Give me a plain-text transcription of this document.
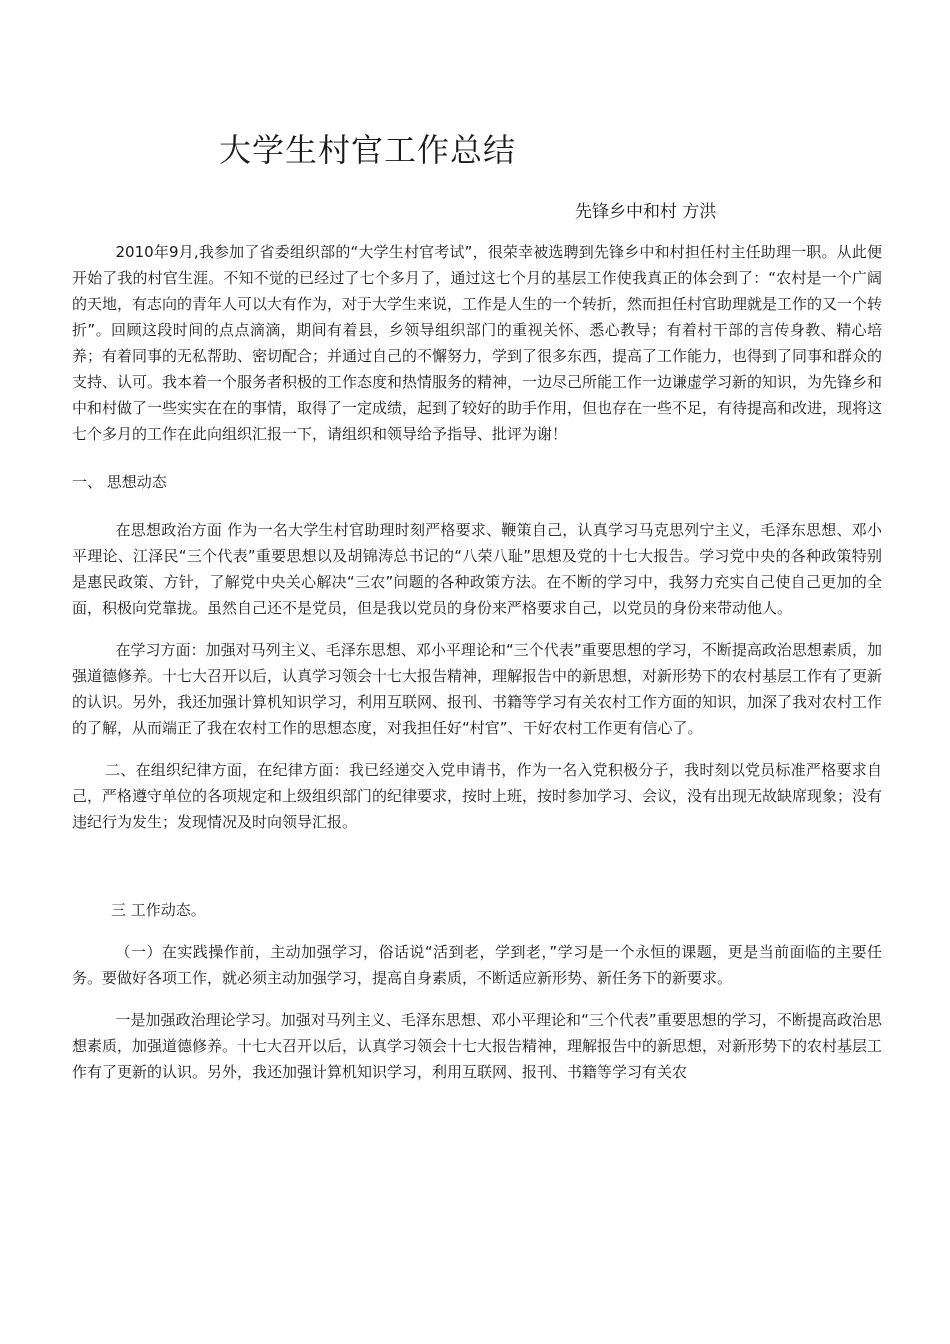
大学生村官工作总结

先锋乡中和村 方洪

2010年9月,我参加了省委组织部的“大学生村官考试”，很荣幸被选聘到先锋乡中和村担任村主任助理一职。从此便开始了我的村官生涯。不知不觉的已经过了七个多月了，通过这七个月的基层工作使我真正的体会到了：“农村是一个广阔的天地，有志向的青年人可以大有作为，对于大学生来说，工作是人生的一个转折，然而担任村官助理就是工作的又一个转折”。回顾这段时间的点点滴滴，期间有着县，乡领导组织部门的重视关怀、悉心教导；有着村干部的言传身教、精心培养；有着同事的无私帮助、密切配合；并通过自己的不懈努力，学到了很多东西，提高了工作能力，也得到了同事和群众的支持、认可。我本着一个服务者积极的工作态度和热情服务的精神，一边尽己所能工作一边谦虚学习新的知识，为先锋乡和中和村做了一些实实在在的事情，取得了一定成绩，起到了较好的助手作用，但也存在一些不足，有待提高和改进，现将这七个多月的工作在此向组织汇报一下，请组织和领导给予指导、批评为谢！

一、 思想动态

在思想政治方面 作为一名大学生村官助理时刻严格要求、鞭策自己，认真学习马克思列宁主义，毛泽东思想、邓小平理论、江泽民“三个代表”重要思想以及胡锦涛总书记的“八荣八耻”思想及党的十七大报告。学习党中央的各种政策特别是惠民政策、方针，了解党中央关心解决“三农”问题的各种政策方法。在不断的学习中，我努力充实自己使自己更加的全面，积极向党靠拢。虽然自己还不是党员，但是我以党员的身份来严格要求自己，以党员的身份来带动他人。

在学习方面：加强对马列主义、毛泽东思想、邓小平理论和“三个代表”重要思想的学习，不断提高政治思想素质，加强道德修养。十七大召开以后，认真学习领会十七大报告精神，理解报告中的新思想，对新形势下的农村基层工作有了更新的认识。另外，我还加强计算机知识学习，利用互联网、报刊、书籍等学习有关农村工作方面的知识，加深了我对农村工作的了解，从而端正了我在农村工作的思想态度，对我担任好“村官”、干好农村工作更有信心了。

二、在组织纪律方面，在纪律方面：我已经递交入党申请书，作为一名入党积极分子，我时刻以党员标准严格要求自己，严格遵守单位的各项规定和上级组织部门的纪律要求，按时上班，按时参加学习、会议，没有出现无故缺席现象；没有违纪行为发生；发现情况及时向领导汇报。

三 工作动态。

（一）在实践操作前，主动加强学习，俗话说“活到老，学到老，”学习是一个永恒的课题，更是当前面临的主要任务。要做好各项工作，就必须主动加强学习，提高自身素质，不断适应新形势、新任务下的新要求。

一是加强政治理论学习。加强对马列主义、毛泽东思想、邓小平理论和“三个代表”重要思想的学习，不断提高政治思想素质，加强道德修养。十七大召开以后，认真学习领会十七大报告精神，理解报告中的新思想，对新形势下的农村基层工作有了更新的认识。另外，我还加强计算机知识学习，利用互联网、报刊、书籍等学习有关农
